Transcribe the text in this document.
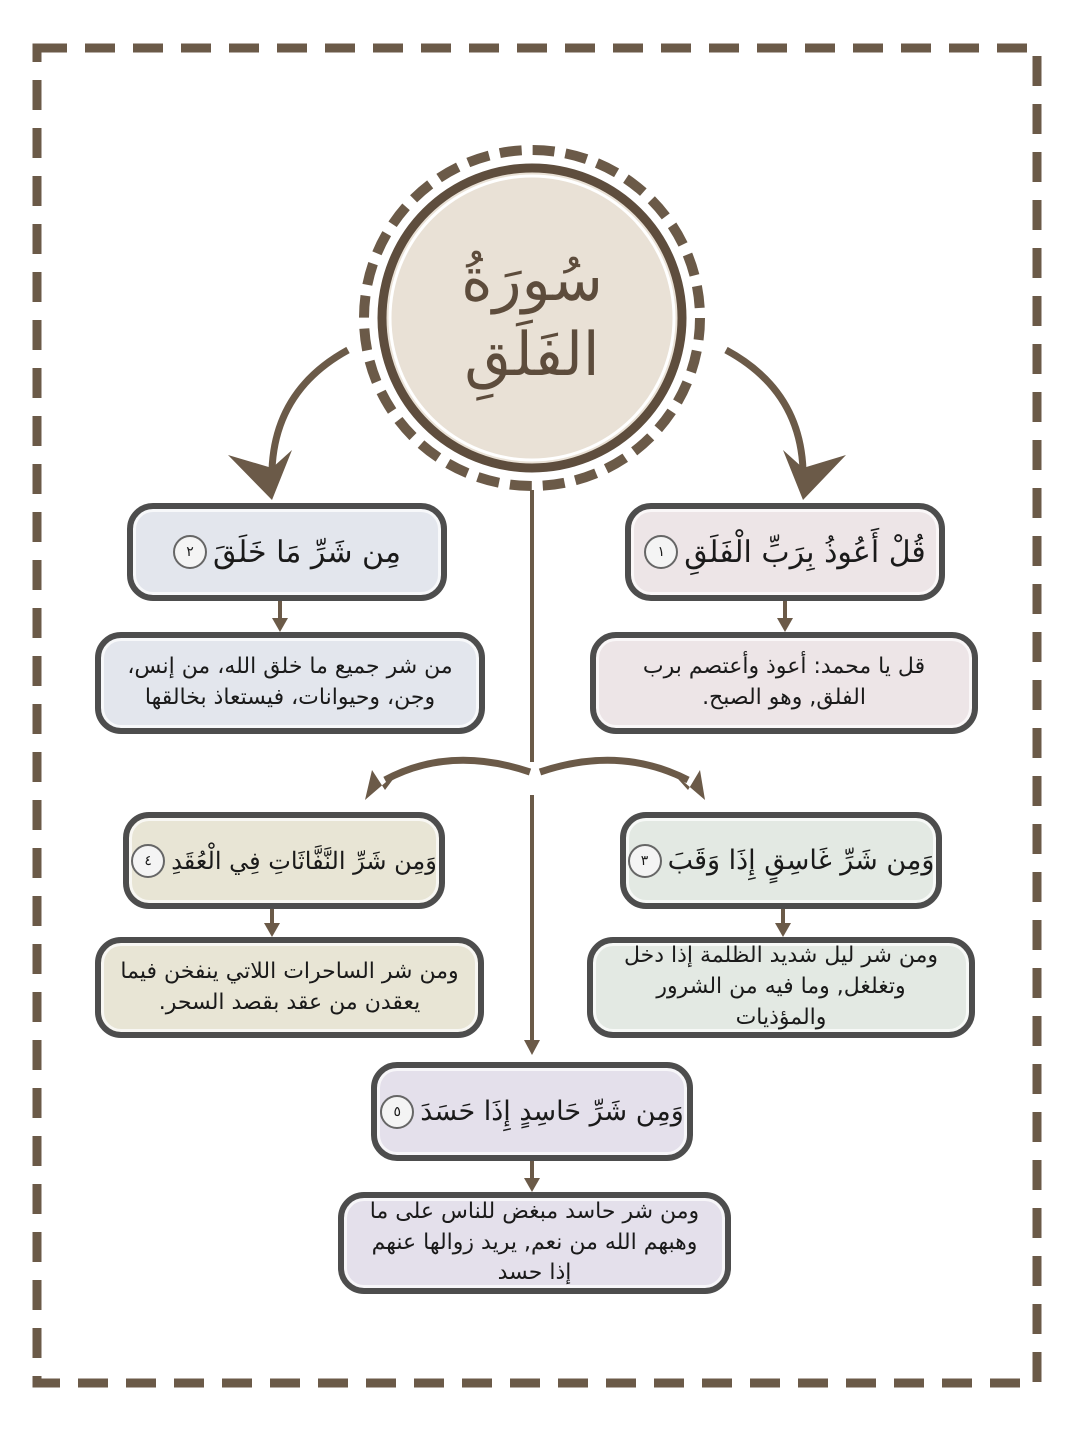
سُورَةُ
الفَلَقِ
قُلْ أَعُوذُ بِرَبِّ الْفَلَقِ
١
قل يا محمد: أعوذ وأعتصم برب الفلق, وهو الصبح.
مِن شَرِّ مَا خَلَقَ
٢
من شر جميع ما خلق الله، من إنس، وجن، وحيوانات، فيستعاذ بخالقها
وَمِن شَرِّ غَاسِقٍ إِذَا وَقَبَ
٣
ومن شر ليل شديد الظلمة إذا دخل وتغلغل, وما فيه من الشرور والمؤذيات
وَمِن شَرِّ النَّفَّاثَاتِ فِي الْعُقَدِ
٤
ومن شر الساحرات اللاتي ينفخن فيما يعقدن من عقد بقصد السحر.
وَمِن شَرِّ حَاسِدٍ إِذَا حَسَدَ
٥
ومن شر حاسد مبغض للناس على ما وهبهم الله من نعم, يريد زوالها عنهم إذا حسد
